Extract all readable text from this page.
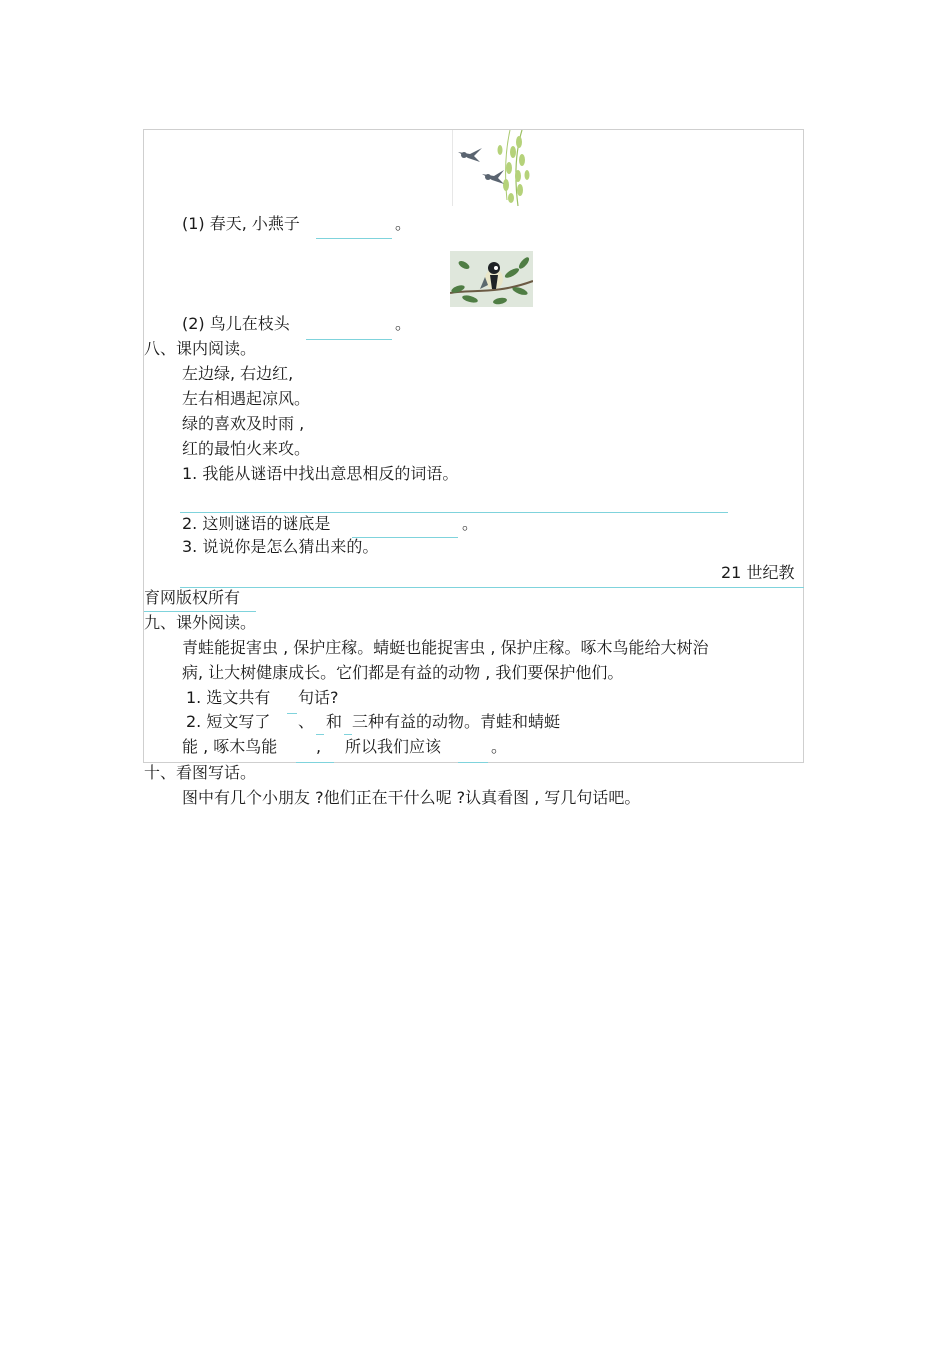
(1) 春天, 小燕子	。
(2) 鸟儿在枝头	。
八、课内阅读。
左边绿, 右边红,
左右相遇起凉风。
绿的喜欢及时雨 ,
红的最怕火来攻。
1. 我能从谜语中找出意思相反的词语。
2. 这则谜语的谜底是	。
3. 说说你是怎么猜出来的。
21 世纪教
育网版权所有
九、课外阅读。
青蛙能捉害虫 , 保护庄稼。蜻蜓也能捉害虫 , 保护庄稼。啄木鸟能给大树治
病, 让大树健康成长。它们都是有益的动物 , 我们要保护他们。
1. 选文共有 句话?
2. 短文写了 、 和 三种有益的动物。青蛙和蜻蜓
能 , 啄木鸟能 , 所以我们应该	。
十、看图写话。
图中有几个小朋友 ?他们正在干什么呢 ?认真看图 , 写几句话吧。
